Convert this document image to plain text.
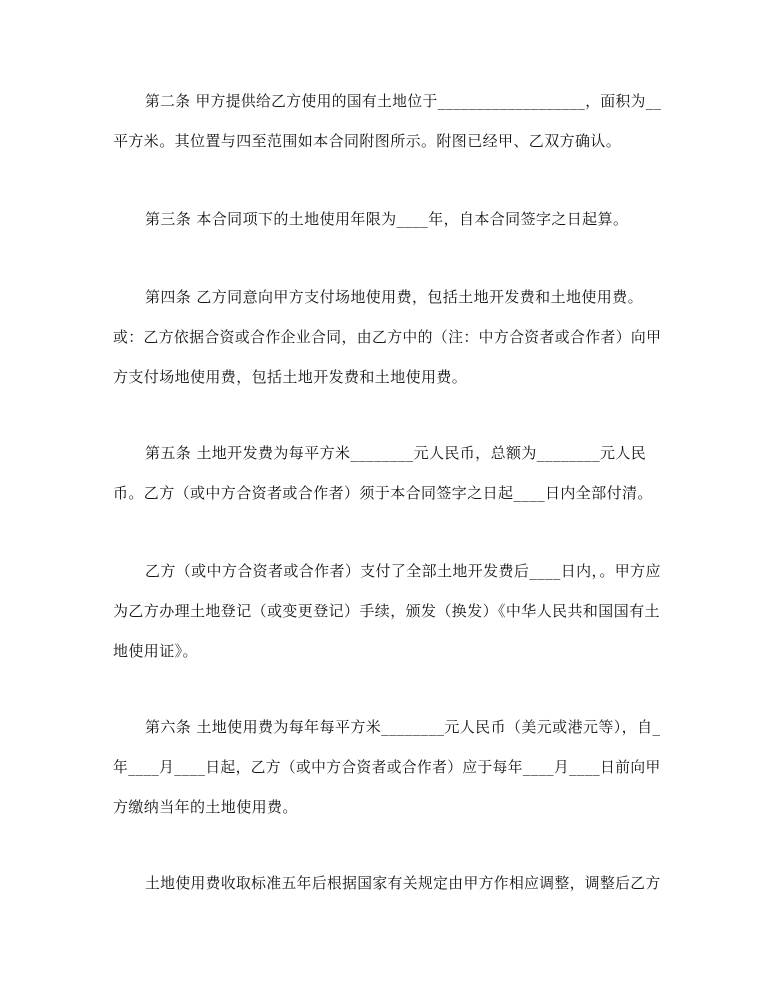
第二条 甲方提供给乙方使用的国有土地位于___________________，面积为__
平方米。其位置与四至范围如本合同附图所示。附图已经甲、乙双方确认。
第三条 本合同项下的土地使用年限为____年，自本合同签字之日起算。
第四条 乙方同意向甲方支付场地使用费，包括土地开发费和土地使用费。
或：乙方依据合资或合作企业合同，由乙方中的（注：中方合资者或合作者）向甲
方支付场地使用费，包括土地开发费和土地使用费。
第五条 土地开发费为每平方米________元人民币，总额为________元人民
币。乙方（或中方合资者或合作者）须于本合同签字之日起____日内全部付清。
乙方（或中方合资者或合作者）支付了全部土地开发费后____日内，。甲方应
为乙方办理土地登记（或变更登记）手续，颁发（换发）《中华人民共和国国有土
地使用证》。
第六条 土地使用费为每年每平方米________元人民币（美元或港元等），自_
年____月____日起，乙方（或中方合资者或合作者）应于每年____月____日前向甲
方缴纳当年的土地使用费。
土地使用费收取标准五年后根据国家有关规定由甲方作相应调整，调整后乙方
